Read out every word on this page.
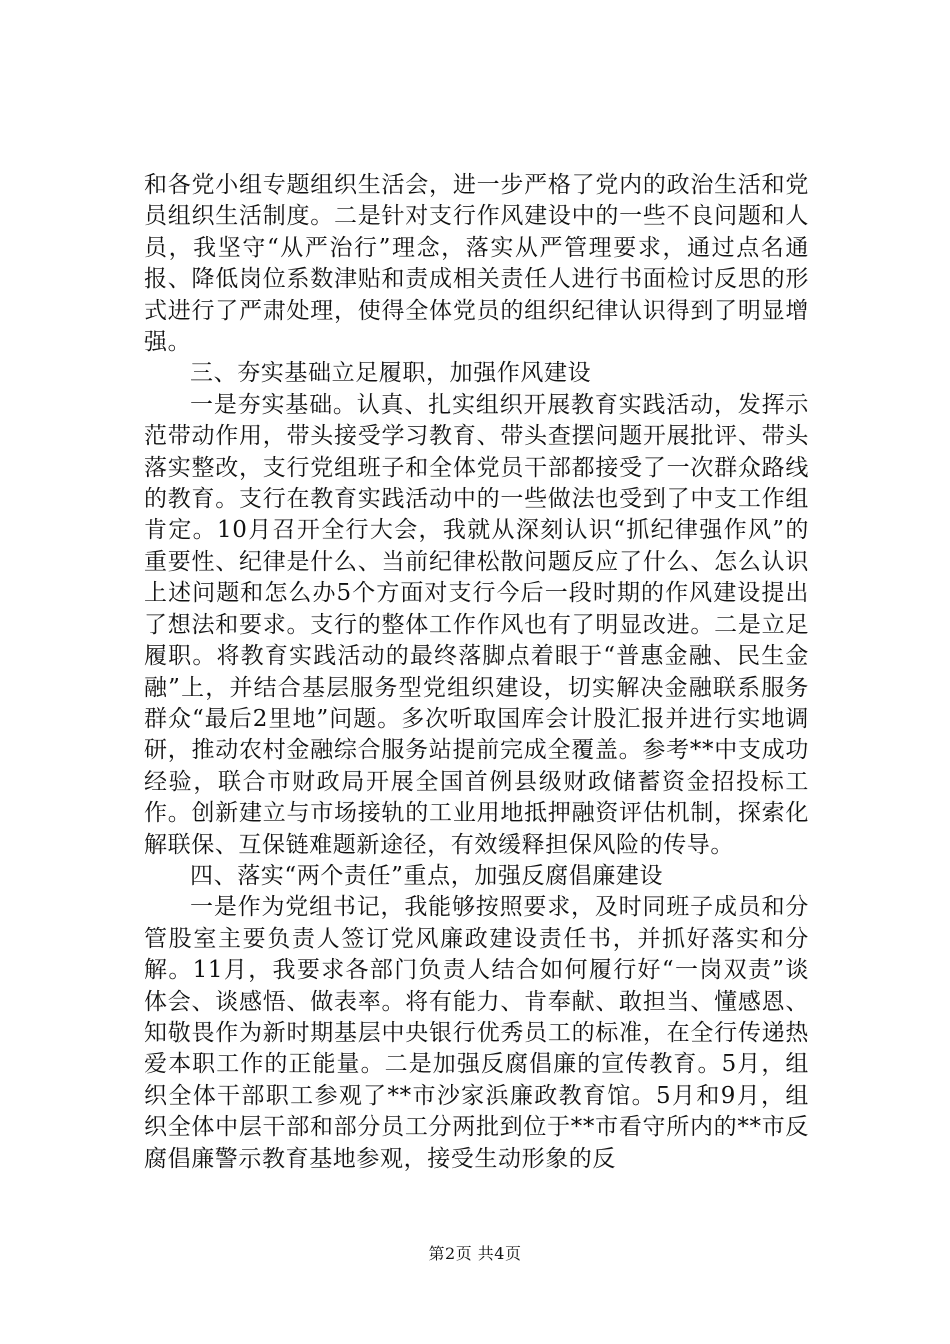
和各党小组专题组织生活会，进一步严格了党内的政治生活和党员组织生活制度。二是针对支行作风建设中的一些不良问题和人员，我坚守“从严治行”理念，落实从严管理要求，通过点名通报、降低岗位系数津贴和责成相关责任人进行书面检讨反思的形式进行了严肃处理，使得全体党员的组织纪律认识得到了明显增强。

三、夯实基础立足履职，加强作风建设

一是夯实基础。认真、扎实组织开展教育实践活动，发挥示范带动作用，带头接受学习教育、带头查摆问题开展批评、带头落实整改，支行党组班子和全体党员干部都接受了一次群众路线的教育。支行在教育实践活动中的一些做法也受到了中支工作组肯定。10月召开全行大会，我就从深刻认识“抓纪律强作风”的重要性、纪律是什么、当前纪律松散问题反应了什么、怎么认识上述问题和怎么办5个方面对支行今后一段时期的作风建设提出了想法和要求。支行的整体工作作风也有了明显改进。二是立足履职。将教育实践活动的最终落脚点着眼于“普惠金融、民生金融”上，并结合基层服务型党组织建设，切实解决金融联系服务群众“最后2里地”问题。多次听取国库会计股汇报并进行实地调研，推动农村金融综合服务站提前完成全覆盖。参考**中支成功经验，联合市财政局开展全国首例县级财政储蓄资金招投标工作。创新建立与市场接轨的工业用地抵押融资评估机制，探索化解联保、互保链难题新途径，有效缓释担保风险的传导。

四、落实“两个责任”重点，加强反腐倡廉建设

一是作为党组书记，我能够按照要求，及时同班子成员和分管股室主要负责人签订党风廉政建设责任书，并抓好落实和分解。11月，我要求各部门负责人结合如何履行好“一岗双责”谈体会、谈感悟、做表率。将有能力、肯奉献、敢担当、懂感恩、知敬畏作为新时期基层中央银行优秀员工的标准，在全行传递热爱本职工作的正能量。二是加强反腐倡廉的宣传教育。5月，组织全体干部职工参观了**市沙家浜廉政教育馆。5月和9月，组织全体中层干部和部分员工分两批到位于**市看守所内的**市反腐倡廉警示教育基地参观，接受生动形象的反

第2页 共4页
